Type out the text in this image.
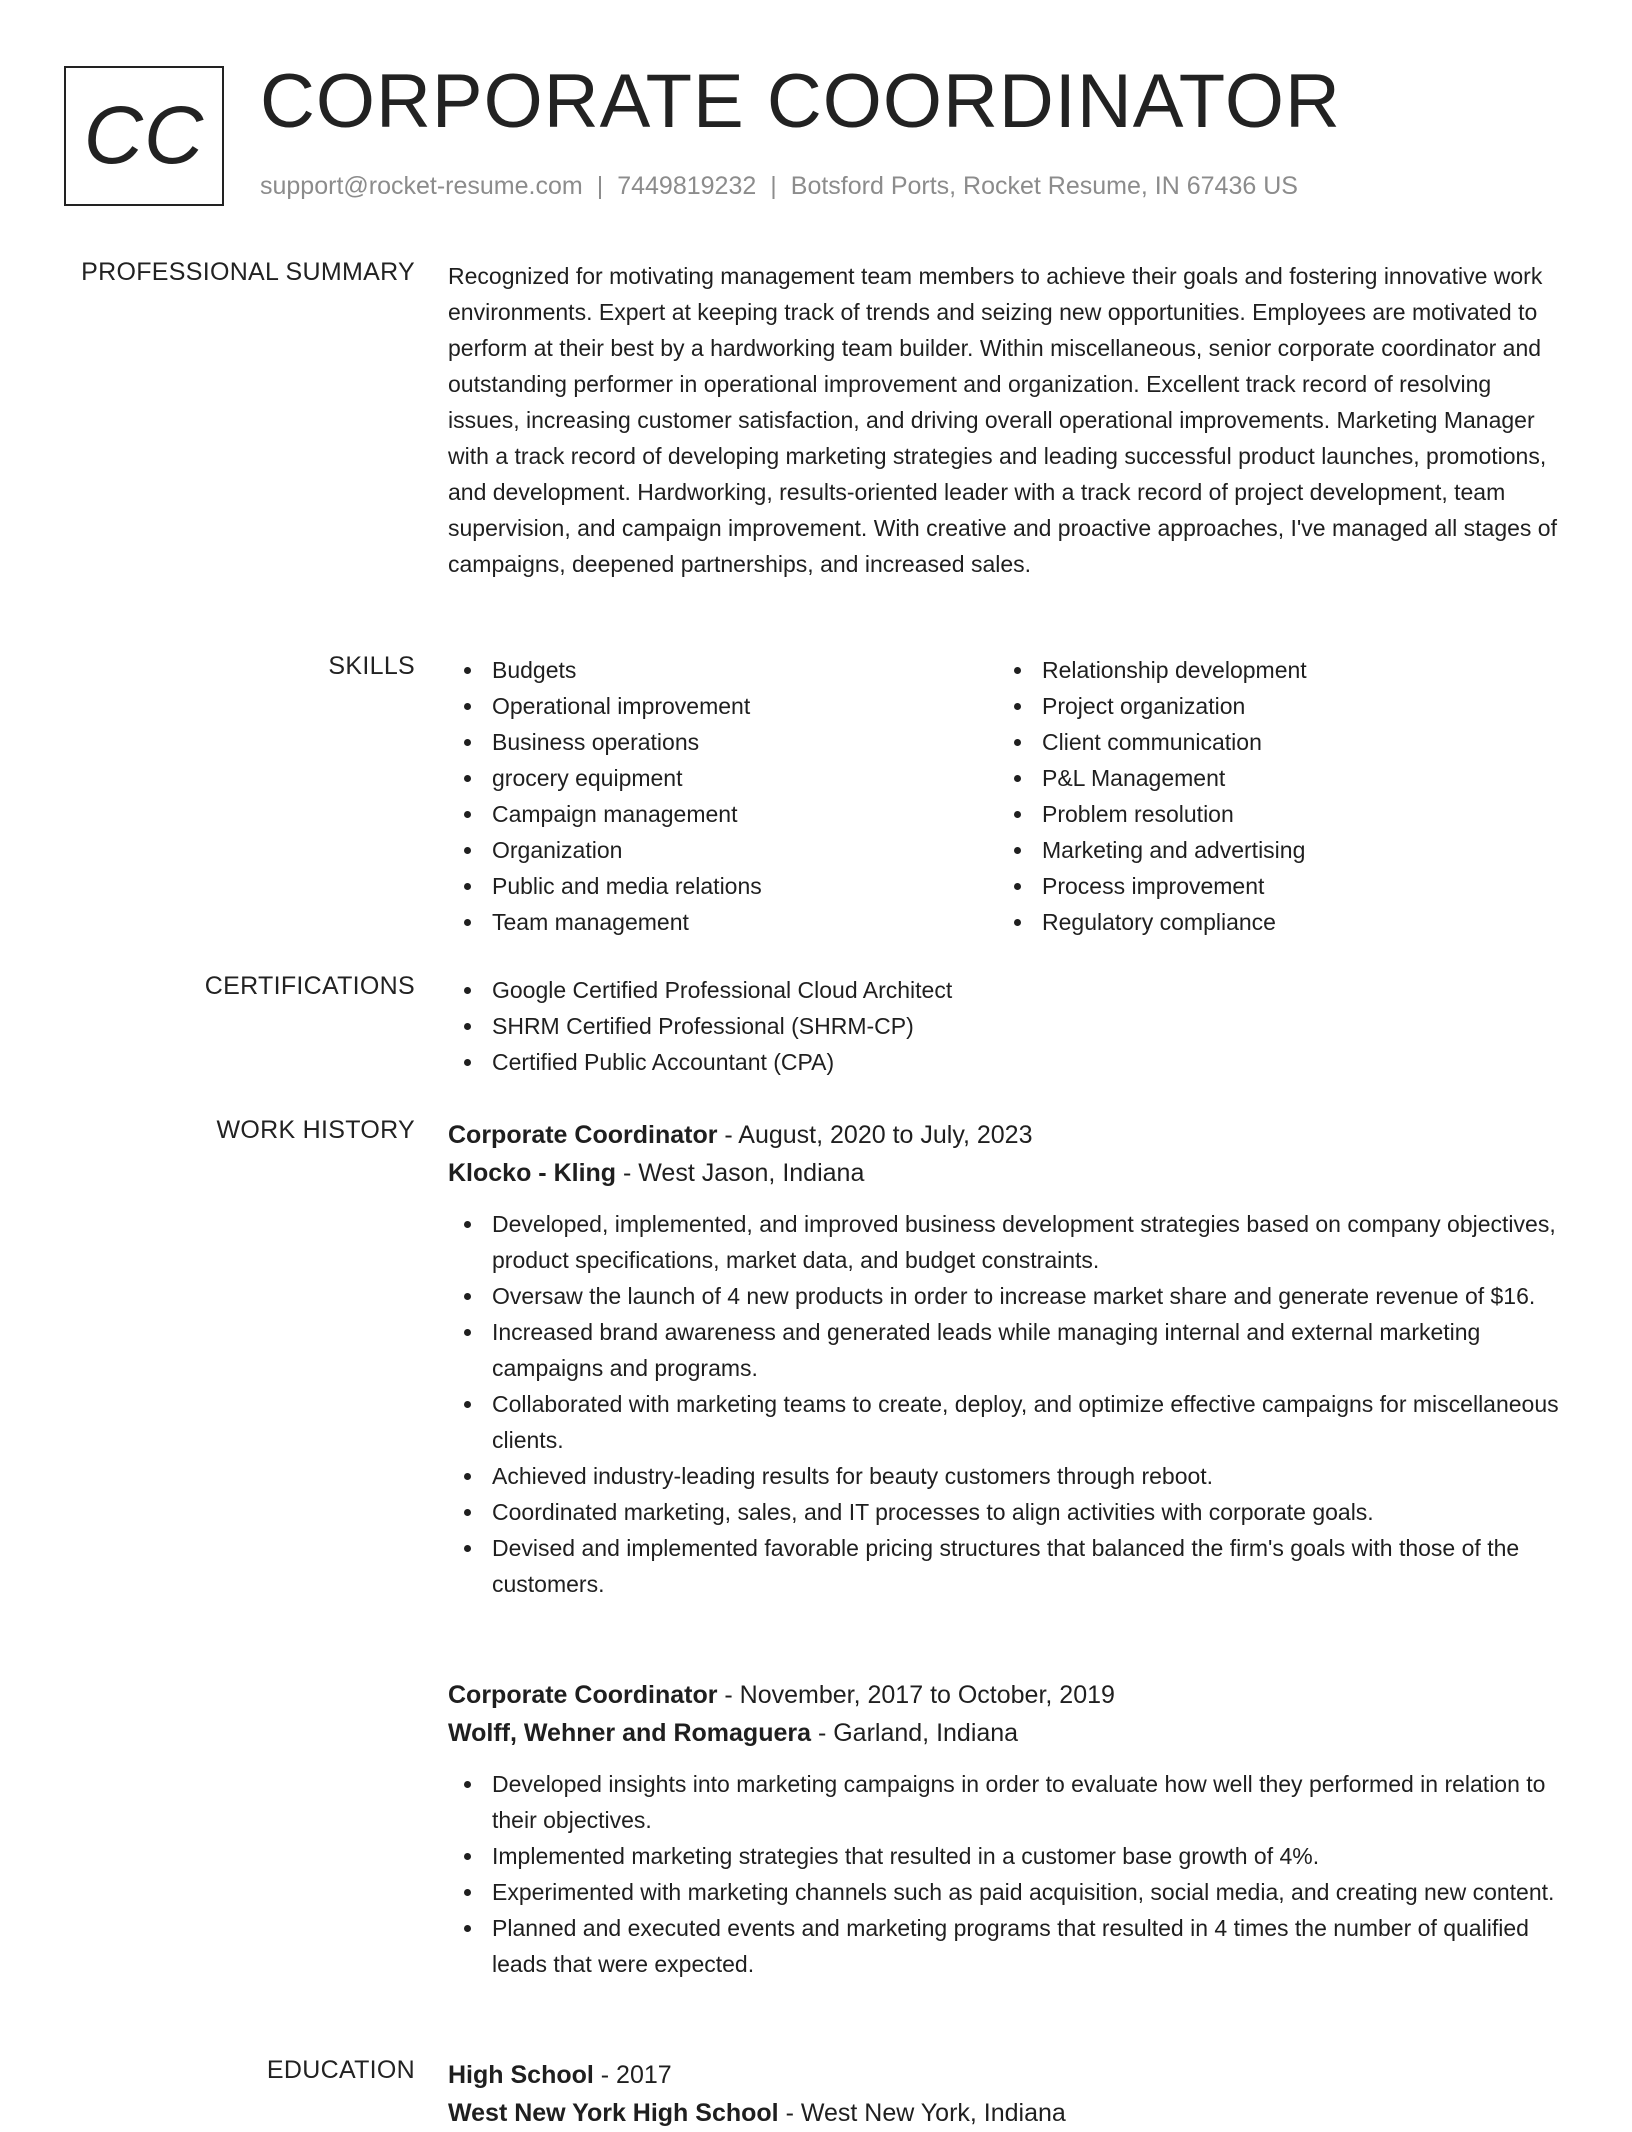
CC CORPORATE COORDINATOR
support@rocket-resume.com | 7449819232 | Botsford Ports, Rocket Resume, IN 67436 US
PROFESSIONAL SUMMARY Recognized for motivating management team members to achieve their goals and fostering innovative work environments. Expert at keeping track of trends and seizing new opportunities. Employees are motivated to perform at their best by a hardworking team builder. Within miscellaneous, senior corporate coordinator and outstanding performer in operational improvement and organization. Excellent track record of resolving issues, increasing customer satisfaction, and driving overall operational improvements. Marketing Manager with a track record of developing marketing strategies and leading successful product launches, promotions, and development. Hardworking, results-oriented leader with a track record of project development, team supervision, and campaign improvement. With creative and proactive approaches, I've managed all stages of campaigns, deepened partnerships, and increased sales.

SKILLS	Budgets
Operational improvement
Business operations
grocery equipment
Campaign management
Organization
Public and media relations
Team management
Relationship development
Project organization
Client communication
P&L Management
Problem resolution
Marketing and advertising
Process improvement
Regulatory compliance
CERTIFICATIONS	Google Certified Professional Cloud Architect
SHRM Certified Professional (SHRM-CP)
Certified Public Accountant (CPA)
WORK HISTORY Corporate Coordinator - August, 2020 to July, 2023
Klocko - Kling - West Jason, Indiana
Developed, implemented, and improved business development strategies based on company objectives, product specifications, market data, and budget constraints.
Oversaw the launch of 4 new products in order to increase market share and generate revenue of $16.
Increased brand awareness and generated leads while managing internal and external marketing campaigns and programs.
Collaborated with marketing teams to create, deploy, and optimize effective campaigns for miscellaneous clients.
Achieved industry-leading results for beauty customers through reboot.
Coordinated marketing, sales, and IT processes to align activities with corporate goals.
Devised and implemented favorable pricing structures that balanced the firm's goals with those of the customers.
Corporate Coordinator - November, 2017 to October, 2019
Wolff, Wehner and Romaguera - Garland, Indiana
Developed insights into marketing campaigns in order to evaluate how well they performed in relation to their objectives.
Implemented marketing strategies that resulted in a customer base growth of 4%.
Experimented with marketing channels such as paid acquisition, social media, and creating new content.
Planned and executed events and marketing programs that resulted in 4 times the number of qualified leads that were expected.
EDUCATION High School - 2017
West New York High School - West New York, Indiana
